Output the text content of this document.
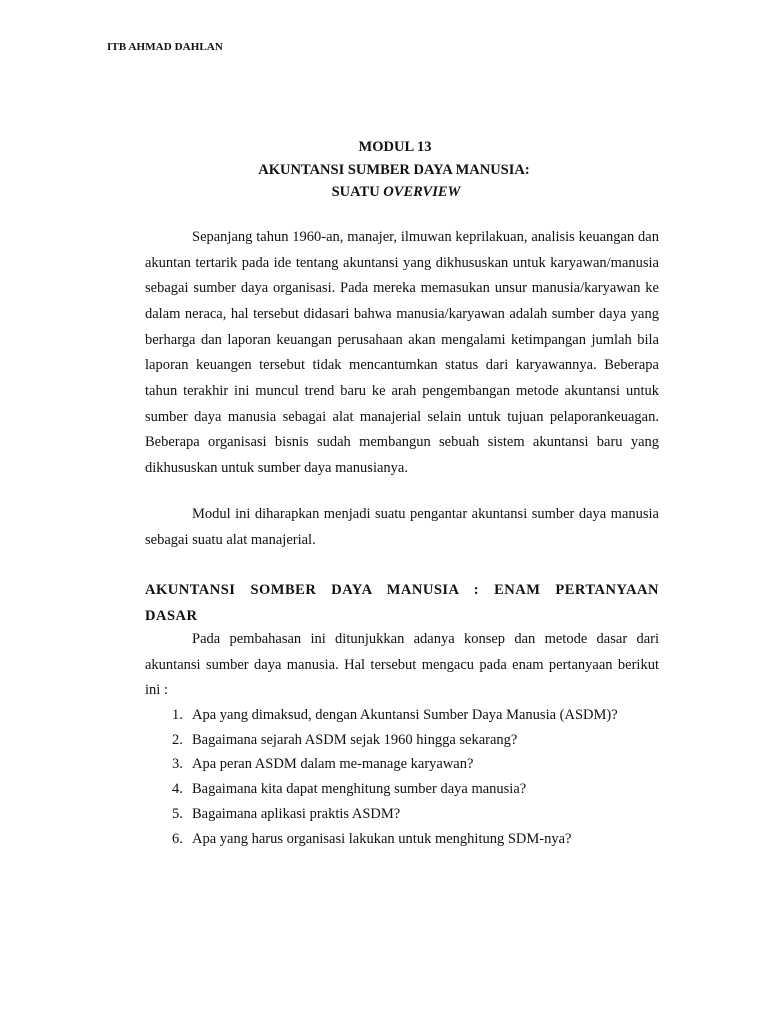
ITB AHMAD DAHLAN
MODUL 13
AKUNTANSI SUMBER DAYA MANUSIA:
SUATU OVERVIEW

Sepanjang tahun 1960-an, manajer, ilmuwan keprilakuan, analisis keuangan dan akuntan tertarik pada ide tentang akuntansi yang dikhususkan untuk karyawan/manusia sebagai sumber daya organisasi. Pada mereka memasukan unsur manusia/karyawan ke dalam neraca, hal tersebut didasari bahwa manusia/karyawan adalah sumber daya yang berharga dan laporan keuangan perusahaan akan mengalami ketimpangan jumlah bila laporan keuangen tersebut tidak mencantumkan status dari karyawannya. Beberapa tahun terakhir ini muncul trend baru ke arah pengembangan metode akuntansi untuk sumber daya manusia sebagai alat manajerial selain untuk tujuan pelaporankeuagan. Beberapa organisasi bisnis sudah membangun sebuah sistem akuntansi baru yang dikhususkan untuk sumber daya manusianya.

Modul ini diharapkan menjadi suatu pengantar akuntansi sumber daya manusia sebagai suatu alat manajerial.

AKUNTANSI SOMBER DAYA MANUSIA : ENAM PERTANYAAN DASAR

Pada pembahasan ini ditunjukkan adanya konsep dan metode dasar dari akuntansi sumber daya manusia. Hal tersebut mengacu pada enam pertanyaan berikut ini :

1. Apa yang dimaksud, dengan Akuntansi Sumber Daya Manusia (ASDM)?
2. Bagaimana sejarah ASDM sejak 1960 hingga sekarang?
3. Apa peran ASDM dalam me-manage karyawan?
4. Bagaimana kita dapat menghitung sumber daya manusia?
5. Bagaimana aplikasi praktis ASDM?
6. Apa yang harus organisasi lakukan untuk menghitung SDM-nya?
